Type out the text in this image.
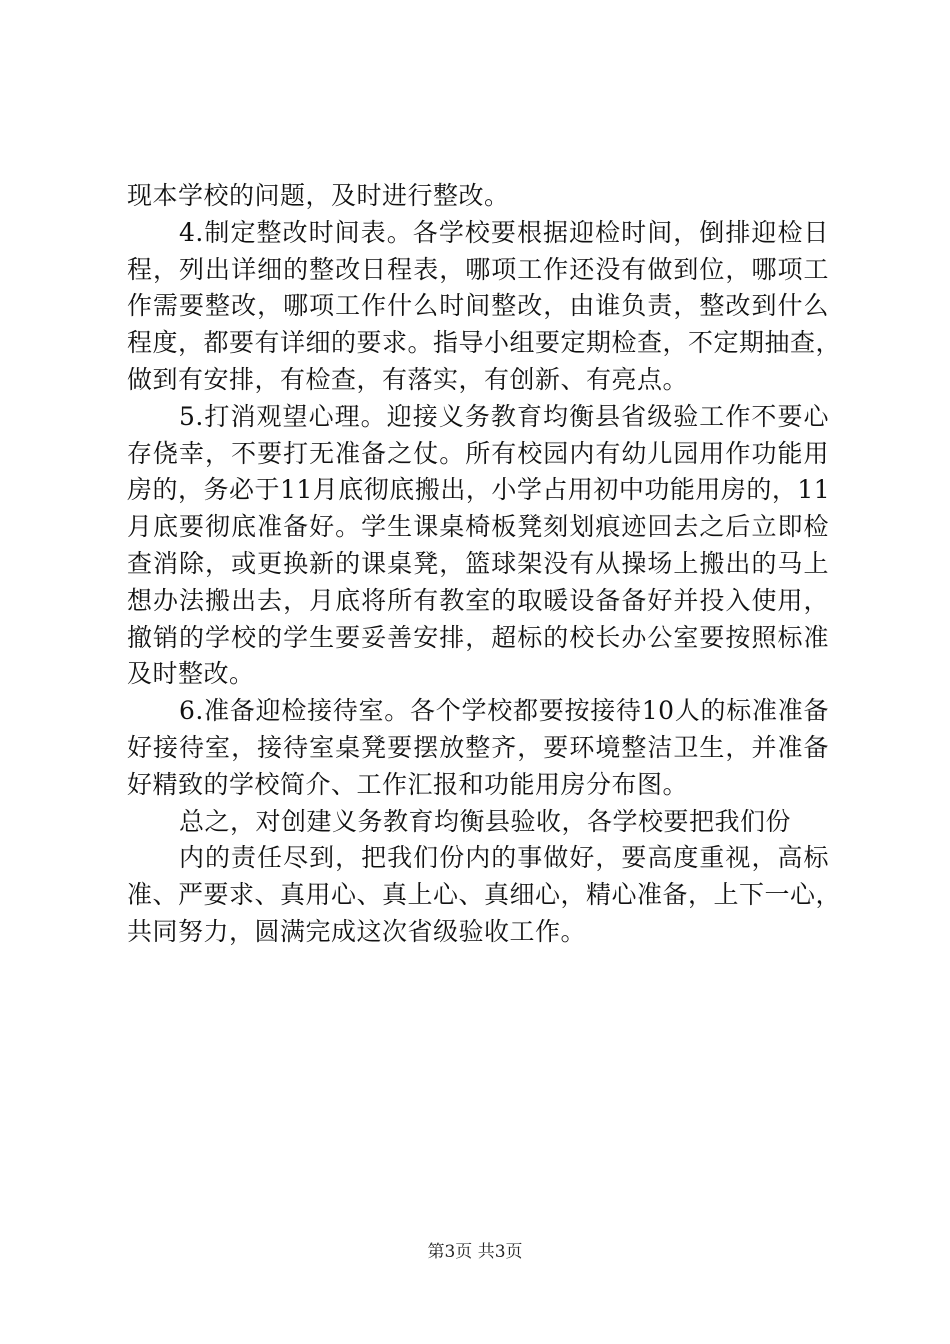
现本学校的问题，及时进行整改。
4.制定整改时间表。各学校要根据迎检时间，倒排迎检日
程，列出详细的整改日程表，哪项工作还没有做到位，哪项工
作需要整改，哪项工作什么时间整改，由谁负责，整改到什么
程度，都要有详细的要求。指导小组要定期检查，不定期抽查，
做到有安排，有检查，有落实，有创新、有亮点。
5.打消观望心理。迎接义务教育均衡县省级验工作不要心
存侥幸，不要打无准备之仗。所有校园内有幼儿园用作功能用
房的，务必于11月底彻底搬出，小学占用初中功能用房的，11
月底要彻底准备好。学生课桌椅板凳刻划痕迹回去之后立即检
查消除，或更换新的课桌凳，篮球架没有从操场上搬出的马上
想办法搬出去，月底将所有教室的取暖设备备好并投入使用，
撤销的学校的学生要妥善安排，超标的校长办公室要按照标准
及时整改。
6.准备迎检接待室。各个学校都要按接待10人的标准准备
好接待室，接待室桌凳要摆放整齐，要环境整洁卫生，并准备
好精致的学校简介、工作汇报和功能用房分布图。
总之，对创建义务教育均衡县验收，各学校要把我们份
内的责任尽到，把我们份内的事做好，要高度重视，高标
准、严要求、真用心、真上心、真细心，精心准备，上下一心，
共同努力，圆满完成这次省级验收工作。
第3页 共3页
